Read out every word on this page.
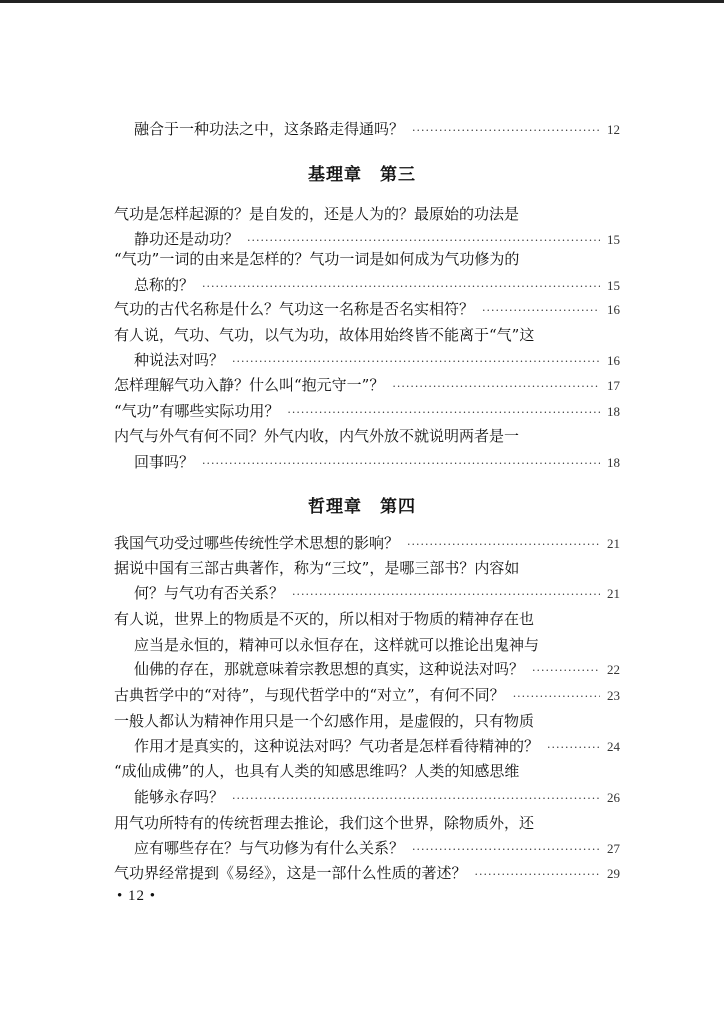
融合于一种功法之中，这条路走得通吗？ ·····	12
基理章 第三
气功是怎样起源的？是自发的，还是人为的？最原始的功法是
静功还是动功？ ·····	15
“气功”一词的由来是怎样的？气功一词是如何成为气功修为的
总称的？ ·····	15
气功的古代名称是什么？气功这一名称是否名实相符？ ·····	16
有人说，气功、气功，以气为功，故体用始终皆不能离于“气”这
种说法对吗？ ·····	16
怎样理解气功入静？什么叫“抱元守一”？ ·····	17
“气功”有哪些实际功用？ ·····	18
内气与外气有何不同？外气内收，内气外放不就说明两者是一
回事吗？ ·····	18
哲理章 第四
我国气功受过哪些传统性学术思想的影响？ ·····	21
据说中国有三部古典著作，称为“三坟”，是哪三部书？内容如
何？与气功有否关系？ ·····	21
有人说，世界上的物质是不灭的，所以相对于物质的精神存在也
应当是永恒的，精神可以永恒存在，这样就可以推论出鬼神与
仙佛的存在，那就意味着宗教思想的真实，这种说法对吗？ ·····	22
古典哲学中的“对待”，与现代哲学中的“对立”，有何不同？ ·····	23
一般人都认为精神作用只是一个幻感作用，是虚假的，只有物质
作用才是真实的，这种说法对吗？气功者是怎样看待精神的？ ·····	24
“成仙成佛”的人，也具有人类的知感思维吗？人类的知感思维
能够永存吗？ ·····	26
用气功所特有的传统哲理去推论，我们这个世界，除物质外，还
应有哪些存在？与气功修为有什么关系？ ·····	27
气功界经常提到《易经》，这是一部什么性质的著述？ ·····	29
• 12 •
